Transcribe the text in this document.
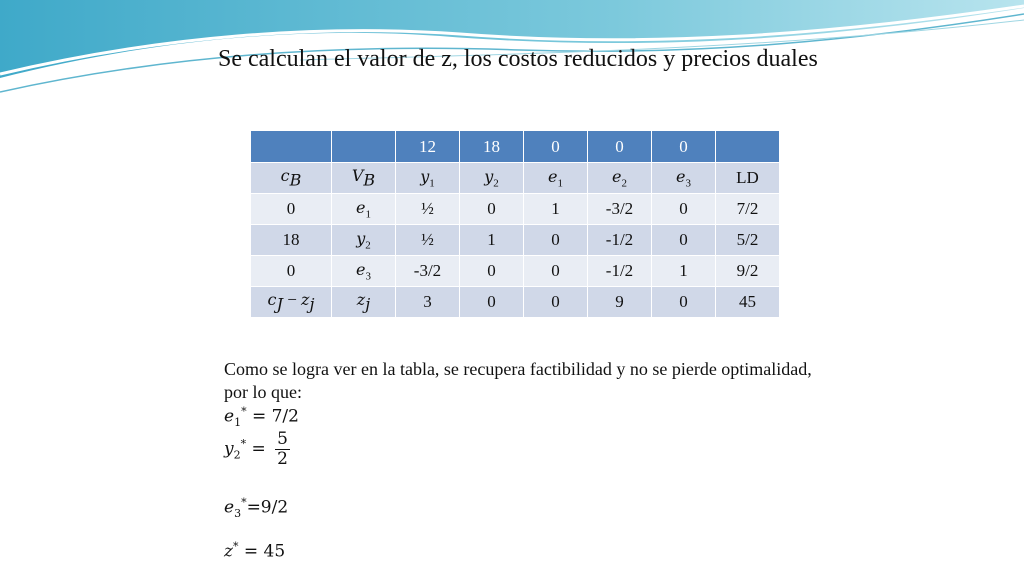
Se calculan el valor de z, los costos reducidos y precios duales
		12	18	0	0	0	
$c_B$	$V_B$	$y_1$	$y_2$	$e_1$	$e_2$	$e_3$	LD
0	$e_1$	½	0	1	-3/2	0	7/2
18	$y_2$	½	1	0	-1/2	0	5/2
0	$e_3$	-3/2	0	0	-1/2	1	9/2
$c_J - z_j$	$z_j$	3	0	0	9	0	45
Como se logra ver en la tabla, se recupera factibilidad y no se pierde optimalidad, por lo que:
$e_1^* = 7/2$
$y_2^* = \frac{5}{2}$
$e_3^*=9/2$
z* = 45
